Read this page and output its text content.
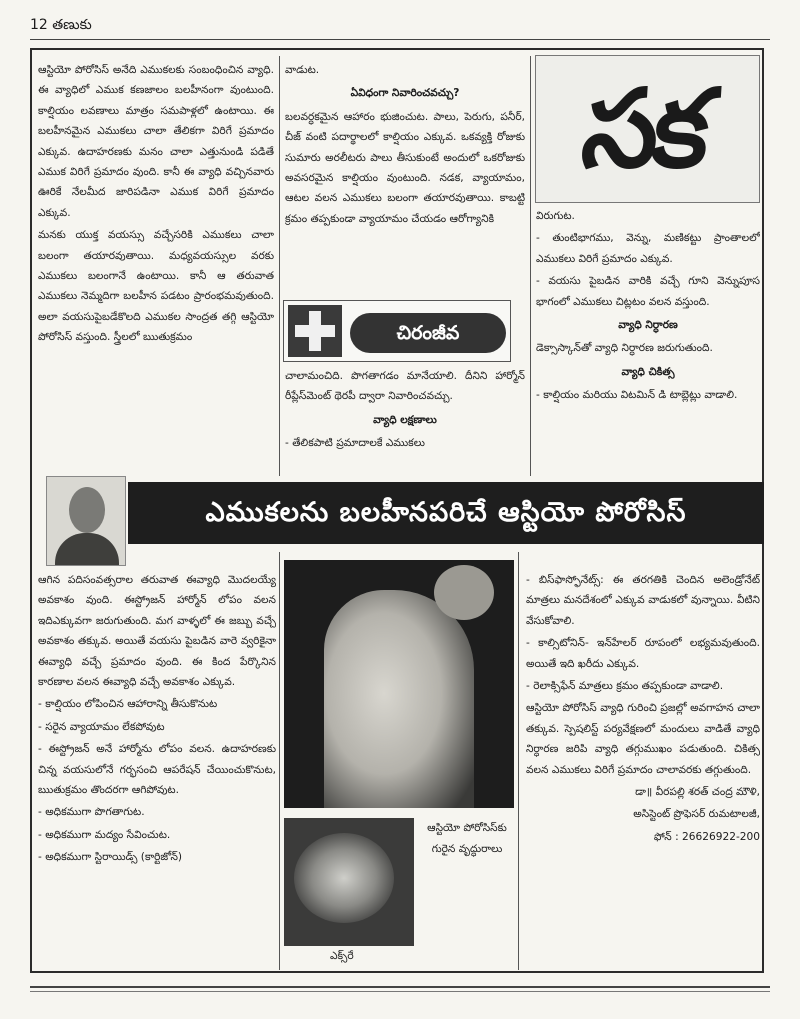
12 తణుకు

ఆస్టియో పోరోసిస్ అనేది ఎముకలకు సంబంధించిన వ్యాధి. ఈ వ్యాధిలో ఎముక కణజాలం బలహీనంగా వుంటుంది. కాల్షియం లవణాలు మాత్రం సమపాళ్లలో ఉంటాయి. ఈ బలహీనమైన ఎముకలు చాలా తేలికగా విరిగే ప్రమాదం ఎక్కువ. ఉదాహరణకు మనం చాలా ఎత్తునుండి పడితే ఎముక విరిగే ప్రమాదం వుంది. కానీ ఈ వ్యాధి వచ్చినవారు ఊరికే నేలమీద జారిపడినా ఎముక విరిగే ప్రమాదం ఎక్కువ.

మనకు యుక్త వయస్సు వచ్చేసరికి ఎముకలు చాలా బలంగా తయారవుతాయి. మధ్యవయస్సుల వరకు ఎముకలు బలంగానే ఉంటాయి. కానీ ఆ తరువాత ఎముకలు నెమ్మదిగా బలహీన పడటం ప్రారంభమవుతుంది. అలా వయసుపైబడేకొలది ఎముకల సాంద్రత తగ్గి ఆస్టియో పోరోసిస్ వస్తుంది. స్త్రీలలో ఋతుక్రమం

వాడుట.

ఏవిధంగా నివారించవచ్చు?

బలవర్ధకమైన ఆహారం భుజించుట. పాలు, పెరుగు, పనీర్, చీజ్ వంటి పదార్థాలలో కాల్షియం ఎక్కువ. ఒకవ్యక్తి రోజుకు సుమారు అరలీటరు పాలు తీసుకుంటే అందులో ఒకరోజుకు అవసరమైన కాల్షియం వుంటుంది. నడక, వ్యాయామం, ఆటల వలన ఎముకలు బలంగా తయారవుతాయి. కాబట్టి క్రమం తప్పకుండా వ్యాయామం చేయడం ఆరోగ్యానికి

చిరంజీవ

చాలామంచిది. పొగతాగడం మానేయాలి. దీనిని హార్మోన్ రీప్లేస్‌మెంట్ థెరపీ ద్వారా నివారించవచ్చు.

వ్యాధి లక్షణాలు

- తేలికపాటి ప్రమాదాలకే ఎముకలు

సక

విరుగుట.

- తుంటిభాగము, వెన్ను, మణికట్టు ప్రాంతాలలో ఎముకలు విరిగే ప్రమాదం ఎక్కువ.

- వయసు పైబడిన వారికి వచ్చే గూని వెన్నుపూస భాగంలో ఎముకలు చిట్లటం వలన వస్తుంది.

వ్యాధి నిర్ధారణ

డెక్సాస్కాన్‌తో వ్యాధి నిర్ధారణ జరుగుతుంది.

వ్యాధి చికిత్స

- కాల్షియం మరియు విటమిన్ డి టాబ్లెట్లు వాడాలి.

ఎముకలను బలహీనపరిచే ఆస్టియో పోరోసిస్

ఆగిన పదిసంవత్సరాల తరువాత ఈవ్యాధి మొదలయ్యే అవకాశం వుంది. ఈస్ట్రోజన్ హార్మోన్ లోపం వలన ఇదిఎక్కువగా జరుగుతుంది. మగ వాళ్ళలో ఈ జబ్బు వచ్చే అవకాశం తక్కువ. అయితే వయసు పైబడిన వారె వ్వరికైనా ఈవ్యాధి వచ్చే ప్రమాదం వుంది. ఈ కింద పేర్కొనిన కారణాల వలన ఈవ్యాధి వచ్చే అవకాశం ఎక్కువ.

- కాల్షియం లోపించిన ఆహారాన్ని తీసుకొనుట

- సరైన వ్యాయామం లేకపోవుట

- ఈస్ట్రోజన్ అనే హార్మోను లోపం వలన. ఉదాహరణకు చిన్న వయసులోనే గర్భసంచి ఆపరేషన్ చేయించుకొనుట, ఋతుక్రమం తొందరగా ఆగిపోవుట.

- అధికముగా పొగతాగుట.

- అధికముగా మద్యం సేవించుట.

- అధికముగా స్టిరాయిడ్స్ (కార్టిజోన్)

ఆస్టియో పోరోసిస్‌కు గురైన వృద్ధురాలు
ఎక్స్‌రే

- బిస్‌ఫాస్ఫోనేట్స్: ఈ తరగతికి చెందిన అలెండ్రోనేట్ మాత్రలు మనదేశంలో ఎక్కువ వాడుకలో వున్నాయి. వీటిని వేసుకోవాలి.

- కాల్సిటోనిన్- ఇన్‌హేలర్ రూపంలో లభ్యమవుతుంది. అయితే ఇది ఖరీదు ఎక్కువ.

- రెలాక్సిఫేన్ మాత్రలు క్రమం తప్పకుండా వాడాలి.

ఆస్టియో పోరోసిస్ వ్యాధి గురించి ప్రజల్లో అవగాహన చాలా తక్కువ. స్పెషలిస్ట్ పర్యవేక్షణలో మందులు వాడితే వ్యాధి నిర్ధారణ జరిపి వ్యాధి తగ్గుముఖం పడుతుంది. చికిత్స వలన ఎముకలు విరిగే ప్రమాదం చాలావరకు తగ్గుతుంది.

డా॥ వీరపల్లి శరత్ చంద్ర మౌళి,

అసిస్టెంట్ ప్రొఫెసర్ రుమటాలజీ,

ఫోన్ : 26626922-200
